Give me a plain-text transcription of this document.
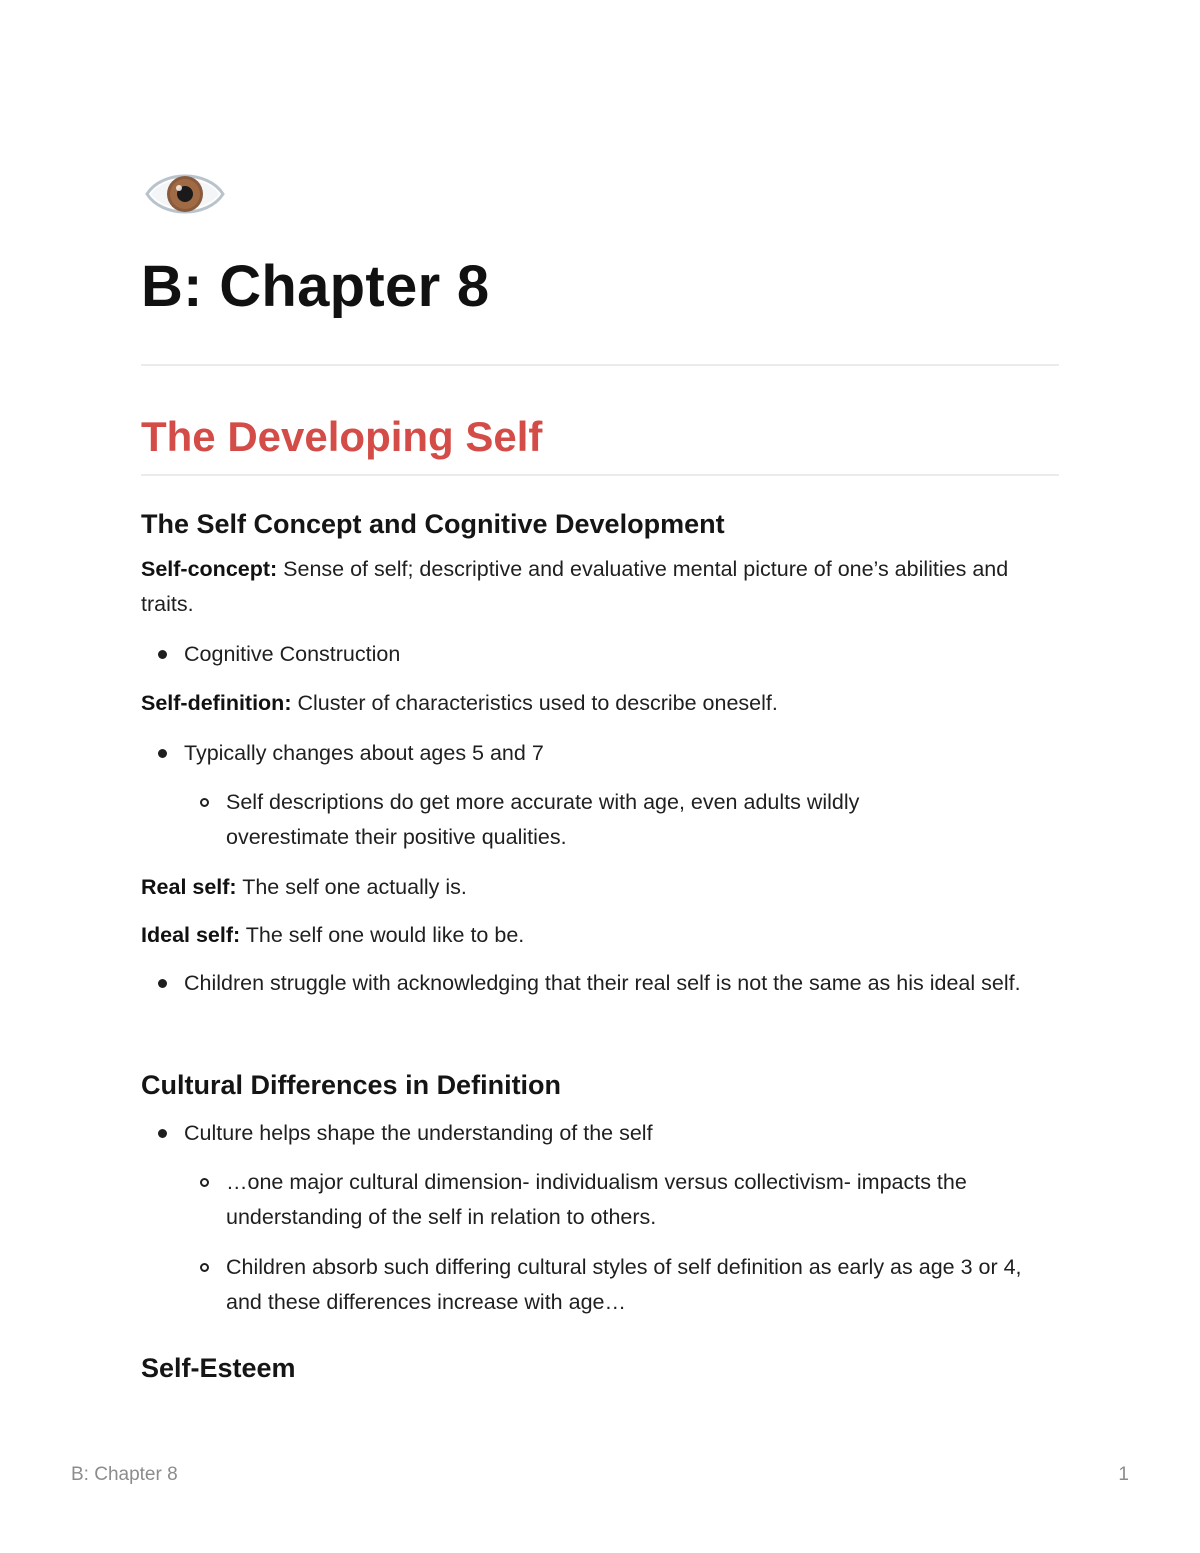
B: Chapter 8
The Developing Self
The Self Concept and Cognitive Development

Self-concept: Sense of self; descriptive and evaluative mental picture of one’s abilities and traits.

Cognitive Construction

Self-definition: Cluster of characteristics used to describe oneself.

Typically changes about ages 5 and 7

Self descriptions do get more accurate with age, even adults wildly overestimate their positive qualities.

Real self: The self one actually is.

Ideal self: The self one would like to be.

Children struggle with acknowledging that their real self is not the same as his ideal self.

Cultural Differences in Definition

Culture helps shape the understanding of the self

…one major cultural dimension- individualism versus collectivism- impacts the understanding of the self in relation to others.

Children absorb such differing cultural styles of self definition as early as age 3 or 4, and these differences increase with age…

Self-Esteem

B: Chapter 8	1
